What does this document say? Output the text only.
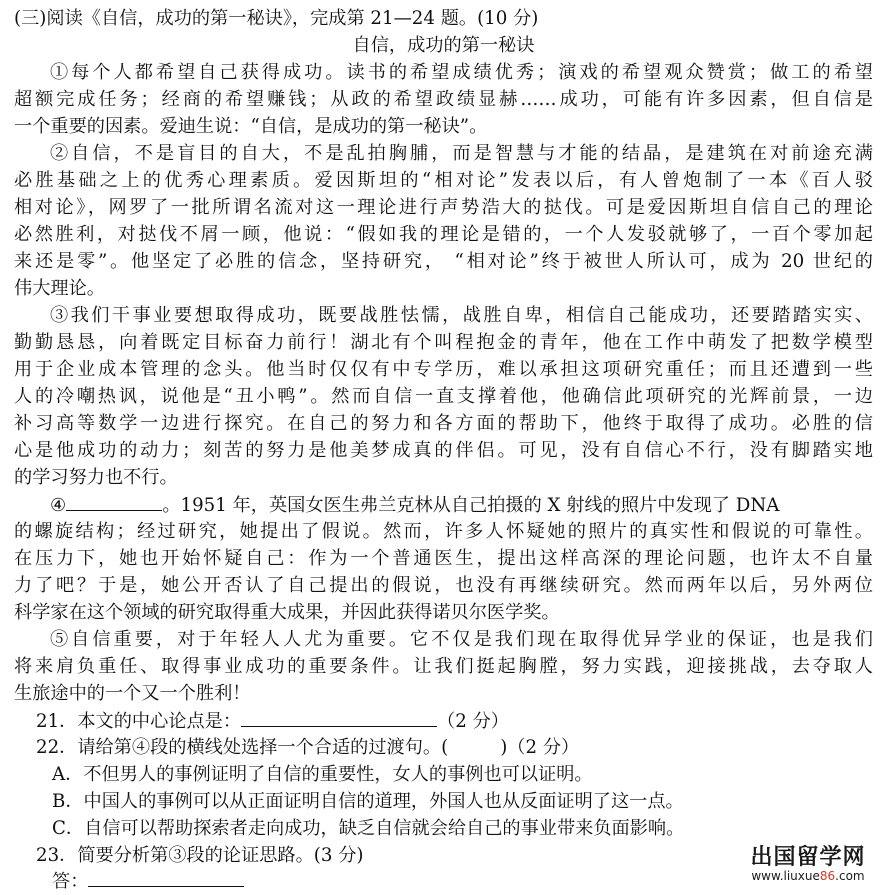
(三)阅读《自信，成功的第一秘诀》，完成第 21—24 题。(10 分)
自信，成功的第一秘诀
①每个人都希望自己获得成功。读书的希望成绩优秀；演戏的希望观众赞赏；做工的希望
超额完成任务；经商的希望赚钱；从政的希望政绩显赫……成功，可能有许多因素，但自信是
一个重要的因素。爱迪生说：“自信，是成功的第一秘诀”。
②自信，不是盲目的自大，不是乱拍胸脯，而是智慧与才能的结晶，是建筑在对前途充满
必胜基础之上的优秀心理素质。爱因斯坦的“相对论”发表以后，有人曾炮制了一本《百人驳
相对论》，网罗了一批所谓名流对这一理论进行声势浩大的挞伐。可是爱因斯坦自信自己的理论
必然胜利，对挞伐不屑一顾，他说：“假如我的理论是错的，一个人发驳就够了，一百个零加起
来还是零”。他坚定了必胜的信念，坚持研究， “相对论”终于被世人所认可，成为 20 世纪的
伟大理论。
③我们干事业要想取得成功，既要战胜怯懦，战胜自卑，相信自己能成功，还要踏踏实实、
勤勤恳恳，向着既定目标奋力前行！湖北有个叫程抱金的青年，他在工作中萌发了把数学模型
用于企业成本管理的念头。他当时仅仅有中专学历，难以承担这项研究重任；而且还遭到一些
人的冷嘲热讽，说他是“丑小鸭”。然而自信一直支撑着他，他确信此项研究的光辉前景，一边
补习高等数学一边进行探究。在自己的努力和各方面的帮助下，他终于取得了成功。必胜的信
心是他成功的动力；刻苦的努力是他美梦成真的伴侣。可见，没有自信心不行，没有脚踏实地
的学习努力也不行。
④	。1951 年，英国女医生弗兰克林从自己拍摄的 X 射线的照片中发现了 DNA
的螺旋结构；经过研究，她提出了假说。然而，许多人怀疑她的照片的真实性和假说的可靠性。
在压力下，她也开始怀疑自己：作为一个普通医生，提出这样高深的理论问题，也许太不自量
力了吧？于是，她公开否认了自己提出的假说，也没有再继续研究。然而两年以后，另外两位
科学家在这个领域的研究取得重大成果，并因此获得诺贝尔医学奖。
⑤自信重要，对于年轻人人尤为重要。它不仅是我们现在取得优异学业的保证，也是我们
将来肩负重任、取得事业成功的重要条件。让我们挺起胸膛，努力实践，迎接挑战，去夺取人
生旅途中的一个又一个胜利！
21．本文的中心论点是：	（2 分）
22．请给第④段的横线处选择一个合适的过渡句。(	)（2 分）
A．不但男人的事例证明了自信的重要性，女人的事例也可以证明。
B．中国人的事例可以从正面证明自信的道理，外国人也从反面证明了这一点。
C．自信可以帮助探索者走向成功，缺乏自信就会给自己的事业带来负面影响。
23．简要分析第③段的论证思路。(3 分)
答：
出国留学网
www.liuxue86.com
